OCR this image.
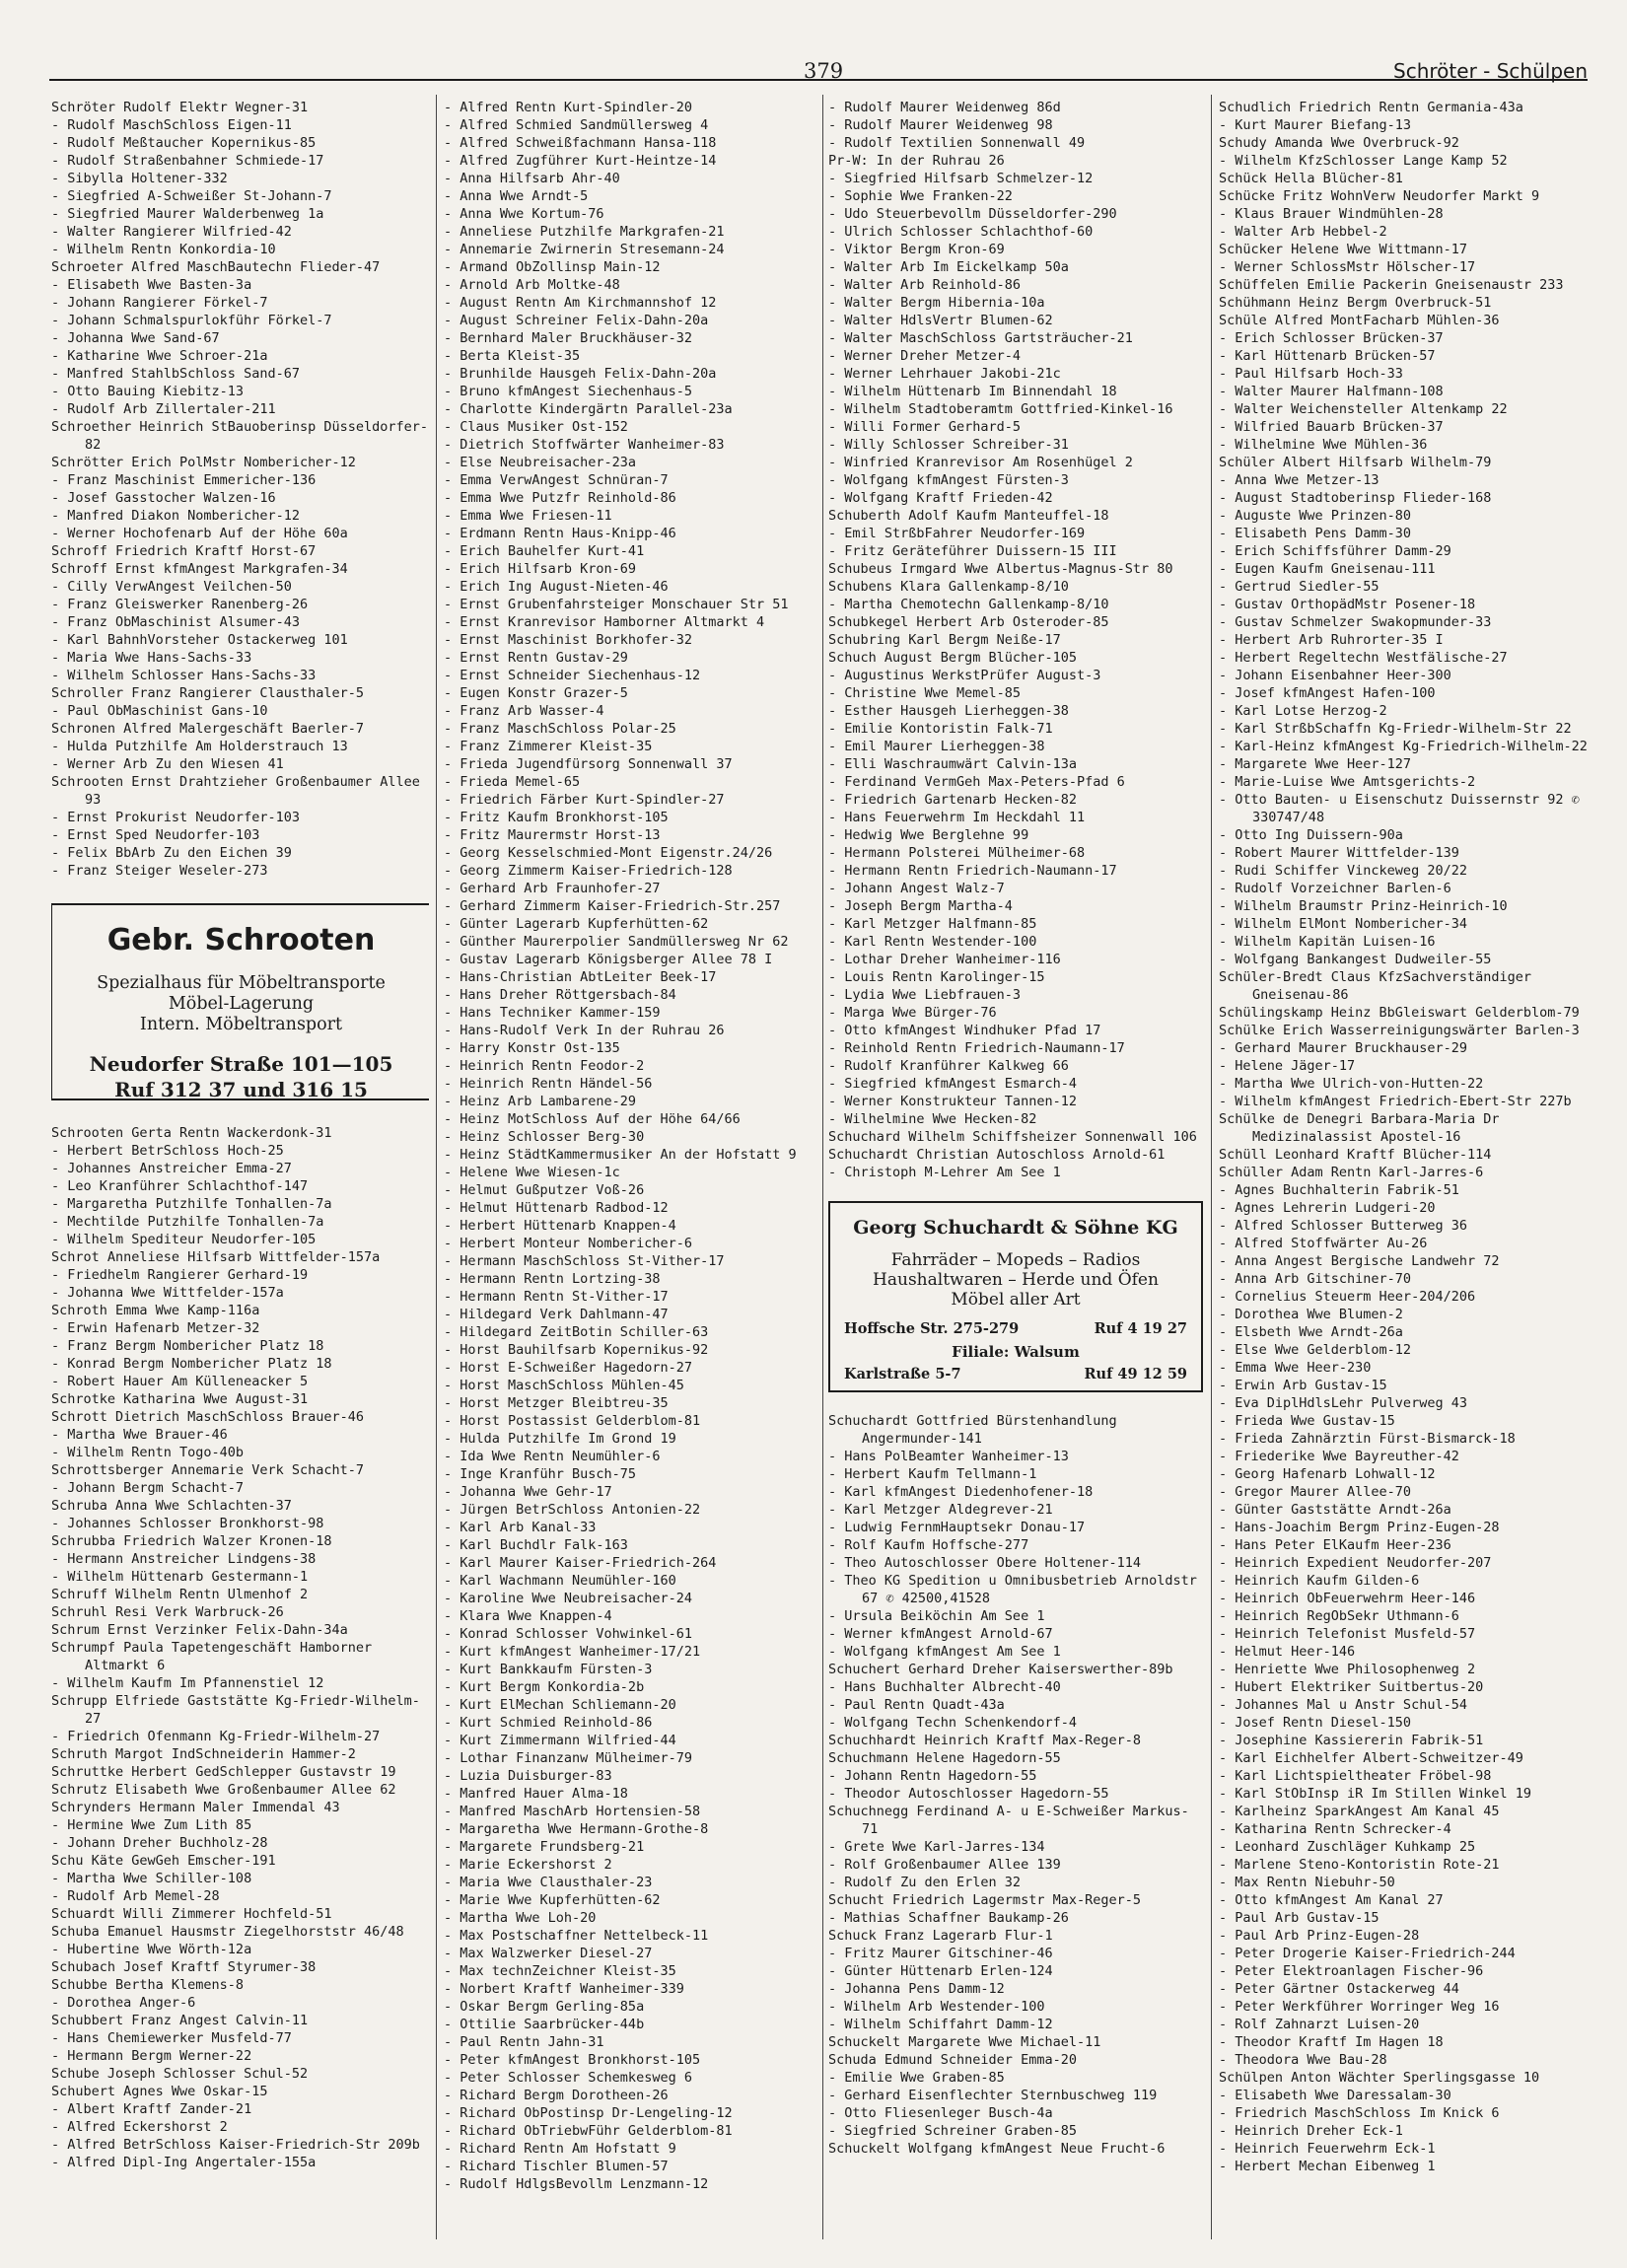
379	Schröter - Schülpen
Schröter Rudolf Elektr Wegner-31
- Rudolf MaschSchloss Eigen-11
- Rudolf Meßtaucher Kopernikus-85
- Rudolf Straßenbahner Schmiede-17
- Sibylla Holtener-332
- Siegfried A-Schweißer St-Johann-7
- Siegfried Maurer Walderbenweg 1a
- Walter Rangierer Wilfried-42
- Wilhelm Rentn Konkordia-10
Schroeter Alfred MaschBautechn Flieder-47
- Elisabeth Wwe Basten-3a
- Johann Rangierer Förkel-7
- Johann Schmalspurlokführ Förkel-7
- Johanna Wwe Sand-67
- Katharine Wwe Schroer-21a
- Manfred StahlbSchloss Sand-67
- Otto Bauing Kiebitz-13
- Rudolf Arb Zillertaler-211
Schroether Heinrich StBauoberinsp Düsseldorfer-82
Schrötter Erich PolMstr Nombericher-12
- Franz Maschinist Emmericher-136
- Josef Gasstocher Walzen-16
- Manfred Diakon Nombericher-12
- Werner Hochofenarb Auf der Höhe 60a
Schroff Friedrich Kraftf Horst-67
Schroff Ernst kfmAngest Markgrafen-34
- Cilly VerwAngest Veilchen-50
- Franz Gleiswerker Ranenberg-26
- Franz ObMaschinist Alsumer-43
- Karl BahnhVorsteher Ostackerweg 101
- Maria Wwe Hans-Sachs-33
- Wilhelm Schlosser Hans-Sachs-33
Schroller Franz Rangierer Clausthaler-5
- Paul ObMaschinist Gans-10
Schronen Alfred Malergeschäft Baerler-7
- Hulda Putzhilfe Am Holderstrauch 13
- Werner Arb Zu den Wiesen 41
Schrooten Ernst Drahtzieher Großenbaumer Allee 93
- Ernst Prokurist Neudorfer-103
- Ernst Sped Neudorfer-103
- Felix BbArb Zu den Eichen 39
- Franz Steiger Weseler-273
Gebr. Schrooten
Spezialhaus für Möbeltransporte
Möbel-Lagerung
Intern. Möbeltransport
Neudorfer Straße 101—105
Ruf 312 37 und 316 15
Schrooten Gerta Rentn Wackerdonk-31
- Herbert BetrSchloss Hoch-25
- Johannes Anstreicher Emma-27
- Leo Kranführer Schlachthof-147
- Margaretha Putzhilfe Tonhallen-7a
- Mechtilde Putzhilfe Tonhallen-7a
- Wilhelm Spediteur Neudorfer-105
Schrot Anneliese Hilfsarb Wittfelder-157a
- Friedhelm Rangierer Gerhard-19
- Johanna Wwe Wittfelder-157a
Schroth Emma Wwe Kamp-116a
- Erwin Hafenarb Metzer-32
- Franz Bergm Nombericher Platz 18
- Konrad Bergm Nombericher Platz 18
- Robert Hauer Am Külleneacker 5
Schrotke Katharina Wwe August-31
Schrott Dietrich MaschSchloss Brauer-46
- Martha Wwe Brauer-46
- Wilhelm Rentn Togo-40b
Schrottsberger Annemarie Verk Schacht-7
- Johann Bergm Schacht-7
Schruba Anna Wwe Schlachten-37
- Johannes Schlosser Bronkhorst-98
Schrubba Friedrich Walzer Kronen-18
- Hermann Anstreicher Lindgens-38
- Wilhelm Hüttenarb Gestermann-1
Schruff Wilhelm Rentn Ulmenhof 2
Schruhl Resi Verk Warbruck-26
Schrum Ernst Verzinker Felix-Dahn-34a
Schrumpf Paula Tapetengeschäft Hamborner Altmarkt 6
- Wilhelm Kaufm Im Pfannenstiel 12
Schrupp Elfriede Gaststätte Kg-Friedr-Wilhelm-27
- Friedrich Ofenmann Kg-Friedr-Wilhelm-27
Schruth Margot IndSchneiderin Hammer-2
Schruttke Herbert GedSchlepper Gustavstr 19
Schrutz Elisabeth Wwe Großenbaumer Allee 62
Schrynders Hermann Maler Immendal 43
- Hermine Wwe Zum Lith 85
- Johann Dreher Buchholz-28
Schu Käte GewGeh Emscher-191
- Martha Wwe Schiller-108
- Rudolf Arb Memel-28
Schuardt Willi Zimmerer Hochfeld-51
Schuba Emanuel Hausmstr Ziegelhorststr 46/48
- Hubertine Wwe Wörth-12a
Schubach Josef Kraftf Styrumer-38
Schubbe Bertha Klemens-8
- Dorothea Anger-6
Schubbert Franz Angest Calvin-11
- Hans Chemiewerker Musfeld-77
- Hermann Bergm Werner-22
Schube Joseph Schlosser Schul-52
Schubert Agnes Wwe Oskar-15
- Albert Kraftf Zander-21
- Alfred Eckershorst 2
- Alfred BetrSchloss Kaiser-Friedrich-Str 209b
- Alfred Dipl-Ing Angertaler-155a
- Alfred Rentn Kurt-Spindler-20
- Alfred Schmied Sandmüllersweg 4
- Alfred Schweißfachmann Hansa-118
- Alfred Zugführer Kurt-Heintze-14
- Anna Hilfsarb Ahr-40
- Anna Wwe Arndt-5
- Anna Wwe Kortum-76
- Anneliese Putzhilfe Markgrafen-21
- Annemarie Zwirnerin Stresemann-24
- Armand ObZollinsp Main-12
- Arnold Arb Moltke-48
- August Rentn Am Kirchmannshof 12
- August Schreiner Felix-Dahn-20a
- Bernhard Maler Bruckhäuser-32
- Berta Kleist-35
- Brunhilde Hausgeh Felix-Dahn-20a
- Bruno kfmAngest Siechenhaus-5
- Charlotte Kindergärtn Parallel-23a
- Claus Musiker Ost-152
- Dietrich Stoffwärter Wanheimer-83
- Else Neubreisacher-23a
- Emma VerwAngest Schnüran-7
- Emma Wwe Putzfr Reinhold-86
- Emma Wwe Friesen-11
- Erdmann Rentn Haus-Knipp-46
- Erich Bauhelfer Kurt-41
- Erich Hilfsarb Kron-69
- Erich Ing August-Nieten-46
- Ernst Grubenfahrsteiger Monschauer Str 51
- Ernst Kranrevisor Hamborner Altmarkt 4
- Ernst Maschinist Borkhofer-32
- Ernst Rentn Gustav-29
- Ernst Schneider Siechenhaus-12
- Eugen Konstr Grazer-5
- Franz Arb Wasser-4
- Franz MaschSchloss Polar-25
- Franz Zimmerer Kleist-35
- Frieda Jugendfürsorg Sonnenwall 37
- Frieda Memel-65
- Friedrich Färber Kurt-Spindler-27
- Fritz Kaufm Bronkhorst-105
- Fritz Maurermstr Horst-13
- Georg Kesselschmied-Mont Eigenstr.24/26
- Georg Zimmerm Kaiser-Friedrich-128
- Gerhard Arb Fraunhofer-27
- Gerhard Zimmerm Kaiser-Friedrich-Str.257
- Günter Lagerarb Kupferhütten-62
- Günther Maurerpolier Sandmüllersweg Nr 62
- Gustav Lagerarb Königsberger Allee 78 I
- Hans-Christian AbtLeiter Beek-17
- Hans Dreher Röttgersbach-84
- Hans Techniker Kammer-159
- Hans-Rudolf Verk In der Ruhrau 26
- Harry Konstr Ost-135
- Heinrich Rentn Feodor-2
- Heinrich Rentn Händel-56
- Heinz Arb Lambarene-29
- Heinz MotSchloss Auf der Höhe 64/66
- Heinz Schlosser Berg-30
- Heinz StädtKammermusiker An der Hofstatt 9
- Helene Wwe Wiesen-1c
- Helmut Gußputzer Voß-26
- Helmut Hüttenarb Radbod-12
- Herbert Hüttenarb Knappen-4
- Herbert Monteur Nombericher-6
- Hermann MaschSchloss St-Vither-17
- Hermann Rentn Lortzing-38
- Hermann Rentn St-Vither-17
- Hildegard Verk Dahlmann-47
- Hildegard ZeitBotin Schiller-63
- Horst Bauhilfsarb Kopernikus-92
- Horst E-Schweißer Hagedorn-27
- Horst MaschSchloss Mühlen-45
- Horst Metzger Bleibtreu-35
- Horst Postassist Gelderblom-81
- Hulda Putzhilfe Im Grond 19
- Ida Wwe Rentn Neumühler-6
- Inge Kranführ Busch-75
- Johanna Wwe Gehr-17
- Jürgen BetrSchloss Antonien-22
- Karl Arb Kanal-33
- Karl Buchdlr Falk-163
- Karl Maurer Kaiser-Friedrich-264
- Karl Wachmann Neumühler-160
- Karoline Wwe Neubreisacher-24
- Klara Wwe Knappen-4
- Konrad Schlosser Vohwinkel-61
- Kurt kfmAngest Wanheimer-17/21
- Kurt Bankkaufm Fürsten-3
- Kurt Bergm Konkordia-2b
- Kurt ElMechan Schliemann-20
- Kurt Schmied Reinhold-86
- Kurt Zimmermann Wilfried-44
- Lothar Finanzanw Mülheimer-79
- Luzia Duisburger-83
- Manfred Hauer Alma-18
- Manfred MaschArb Hortensien-58
- Margaretha Wwe Hermann-Grothe-8
- Margarete Frundsberg-21
- Marie Eckershorst 2
- Maria Wwe Clausthaler-23
- Marie Wwe Kupferhütten-62
- Martha Wwe Loh-20
- Max Postschaffner Nettelbeck-11
- Max Walzwerker Diesel-27
- Max technZeichner Kleist-35
- Norbert Kraftf Wanheimer-339
- Oskar Bergm Gerling-85a
- Ottilie Saarbrücker-44b
- Paul Rentn Jahn-31
- Peter kfmAngest Bronkhorst-105
- Peter Schlosser Schemkesweg 6
- Richard Bergm Dorotheen-26
- Richard ObPostinsp Dr-Lengeling-12
- Richard ObTriebwFühr Gelderblom-81
- Richard Rentn Am Hofstatt 9
- Richard Tischler Blumen-57
- Rudolf HdlgsBevollm Lenzmann-12
- Rudolf Maurer Weidenweg 86d
- Rudolf Maurer Weidenweg 98
- Rudolf Textilien Sonnenwall 49
Pr-W: In der Ruhrau 26
- Siegfried Hilfsarb Schmelzer-12
- Sophie Wwe Franken-22
- Udo Steuerbevollm Düsseldorfer-290
- Ulrich Schlosser Schlachthof-60
- Viktor Bergm Kron-69
- Walter Arb Im Eickelkamp 50a
- Walter Arb Reinhold-86
- Walter Bergm Hibernia-10a
- Walter HdlsVertr Blumen-62
- Walter MaschSchloss Gartsträucher-21
- Werner Dreher Metzer-4
- Werner Lehrhauer Jakobi-21c
- Wilhelm Hüttenarb Im Binnendahl 18
- Wilhelm Stadtoberamtm Gottfried-Kinkel-16
- Willi Former Gerhard-5
- Willy Schlosser Schreiber-31
- Winfried Kranrevisor Am Rosenhügel 2
- Wolfgang kfmAngest Fürsten-3
- Wolfgang Kraftf Frieden-42
Schuberth Adolf Kaufm Manteuffel-18
- Emil StrßbFahrer Neudorfer-169
- Fritz Geräteführer Duissern-15 III
Schubeus Irmgard Wwe Albertus-Magnus-Str 80
Schubens Klara Gallenkamp-8/10
- Martha Chemotechn Gallenkamp-8/10
Schubkegel Herbert Arb Osteroder-85
Schubring Karl Bergm Neiße-17
Schuch August Bergm Blücher-105
- Augustinus WerkstPrüfer August-3
- Christine Wwe Memel-85
- Esther Hausgeh Lierheggen-38
- Emilie Kontoristin Falk-71
- Emil Maurer Lierheggen-38
- Elli Waschraumwärt Calvin-13a
- Ferdinand VermGeh Max-Peters-Pfad 6
- Friedrich Gartenarb Hecken-82
- Hans Feuerwehrm Im Heckdahl 11
- Hedwig Wwe Berglehne 99
- Hermann Polsterei Mülheimer-68
- Hermann Rentn Friedrich-Naumann-17
- Johann Angest Walz-7
- Joseph Bergm Martha-4
- Karl Metzger Halfmann-85
- Karl Rentn Westender-100
- Lothar Dreher Wanheimer-116
- Louis Rentn Karolinger-15
- Lydia Wwe Liebfrauen-3
- Marga Wwe Bürger-76
- Otto kfmAngest Windhuker Pfad 17
- Reinhold Rentn Friedrich-Naumann-17
- Rudolf Kranführer Kalkweg 66
- Siegfried kfmAngest Esmarch-4
- Werner Konstrukteur Tannen-12
- Wilhelmine Wwe Hecken-82
Schuchard Wilhelm Schiffsheizer Sonnenwall 106
Schuchardt Christian Autoschloss Arnold-61
- Christoph M-Lehrer Am See 1
Georg Schuchardt & Söhne KG
Fahrräder – Mopeds – Radios
Haushaltwaren – Herde und Öfen
Möbel aller Art
Hoffsche Str. 275-279	Ruf 4 19 27
Filiale: Walsum
Karlstraße 5-7	Ruf 49 12 59
Schuchardt Gottfried Bürstenhandlung Angermunder-141
- Hans PolBeamter Wanheimer-13
- Herbert Kaufm Tellmann-1
- Karl kfmAngest Diedenhofener-18
- Karl Metzger Aldegrever-21
- Ludwig FernmHauptsekr Donau-17
- Rolf Kaufm Hoffsche-277
- Theo Autoschlosser Obere Holtener-114
- Theo KG Spedition u Omnibusbetrieb Arnoldstr 67 ✆ 42500,41528
- Ursula Beiköchin Am See 1
- Werner kfmAngest Arnold-67
- Wolfgang kfmAngest Am See 1
Schuchert Gerhard Dreher Kaiserswerther-89b
- Hans Buchhalter Albrecht-40
- Paul Rentn Quadt-43a
- Wolfgang Techn Schenkendorf-4
Schuchhardt Heinrich Kraftf Max-Reger-8
Schuchmann Helene Hagedorn-55
- Johann Rentn Hagedorn-55
- Theodor Autoschlosser Hagedorn-55
Schuchnegg Ferdinand A- u E-Schweißer Markus-71
- Grete Wwe Karl-Jarres-134
- Rolf Großenbaumer Allee 139
- Rudolf Zu den Erlen 32
Schucht Friedrich Lagermstr Max-Reger-5
- Mathias Schaffner Baukamp-26
Schuck Franz Lagerarb Flur-1
- Fritz Maurer Gitschiner-46
- Günter Hüttenarb Erlen-124
- Johanna Pens Damm-12
- Wilhelm Arb Westender-100
- Wilhelm Schiffahrt Damm-12
Schuckelt Margarete Wwe Michael-11
Schuda Edmund Schneider Emma-20
- Emilie Wwe Graben-85
- Gerhard Eisenflechter Sternbuschweg 119
- Otto Fliesenleger Busch-4a
- Siegfried Schreiner Graben-85
Schuckelt Wolfgang kfmAngest Neue Frucht-6
Schudlich Friedrich Rentn Germania-43a
- Kurt Maurer Biefang-13
Schudy Amanda Wwe Overbruck-92
- Wilhelm KfzSchlosser Lange Kamp 52
Schück Hella Blücher-81
Schücke Fritz WohnVerw Neudorfer Markt 9
- Klaus Brauer Windmühlen-28
- Walter Arb Hebbel-2
Schücker Helene Wwe Wittmann-17
- Werner SchlossMstr Hölscher-17
Schüffelen Emilie Packerin Gneisenaustr 233
Schühmann Heinz Bergm Overbruck-51
Schüle Alfred MontFacharb Mühlen-36
- Erich Schlosser Brücken-37
- Karl Hüttenarb Brücken-57
- Paul Hilfsarb Hoch-33
- Walter Maurer Halfmann-108
- Walter Weichensteller Altenkamp 22
- Wilfried Bauarb Brücken-37
- Wilhelmine Wwe Mühlen-36
Schüler Albert Hilfsarb Wilhelm-79
- Anna Wwe Metzer-13
- August Stadtoberinsp Flieder-168
- Auguste Wwe Prinzen-80
- Elisabeth Pens Damm-30
- Erich Schiffsführer Damm-29
- Eugen Kaufm Gneisenau-111
- Gertrud Siedler-55
- Gustav OrthopädMstr Posener-18
- Gustav Schmelzer Swakopmunder-33
- Herbert Arb Ruhrorter-35 I
- Herbert Regeltechn Westfälische-27
- Johann Eisenbahner Heer-300
- Josef kfmAngest Hafen-100
- Karl Lotse Herzog-2
- Karl StrßbSchaffn Kg-Friedr-Wilhelm-Str 22
- Karl-Heinz kfmAngest Kg-Friedrich-Wilhelm-22
- Margarete Wwe Heer-127
- Marie-Luise Wwe Amtsgerichts-2
- Otto Bauten- u Eisenschutz Duissernstr 92 ✆ 330747/48
- Otto Ing Duissern-90a
- Robert Maurer Wittfelder-139
- Rudi Schiffer Vinckeweg 20/22
- Rudolf Vorzeichner Barlen-6
- Wilhelm Braumstr Prinz-Heinrich-10
- Wilhelm ElMont Nombericher-34
- Wilhelm Kapitän Luisen-16
- Wolfgang Bankangest Dudweiler-55
Schüler-Bredt Claus KfzSachverständiger Gneisenau-86
Schülingskamp Heinz BbGleiswart Gelderblom-79
Schülke Erich Wasserreinigungswärter Barlen-3
- Gerhard Maurer Bruckhauser-29
- Helene Jäger-17
- Martha Wwe Ulrich-von-Hutten-22
- Wilhelm kfmAngest Friedrich-Ebert-Str 227b
Schülke de Denegri Barbara-Maria Dr Medizinalassist Apostel-16
Schüll Leonhard Kraftf Blücher-114
Schüller Adam Rentn Karl-Jarres-6
- Agnes Buchhalterin Fabrik-51
- Agnes Lehrerin Ludgeri-20
- Alfred Schlosser Butterweg 36
- Alfred Stoffwärter Au-26
- Anna Angest Bergische Landwehr 72
- Anna Arb Gitschiner-70
- Cornelius Steuerm Heer-204/206
- Dorothea Wwe Blumen-2
- Elsbeth Wwe Arndt-26a
- Else Wwe Gelderblom-12
- Emma Wwe Heer-230
- Erwin Arb Gustav-15
- Eva DiplHdlsLehr Pulverweg 43
- Frieda Wwe Gustav-15
- Frieda Zahnärztin Fürst-Bismarck-18
- Friederike Wwe Bayreuther-42
- Georg Hafenarb Lohwall-12
- Gregor Maurer Allee-70
- Günter Gaststätte Arndt-26a
- Hans-Joachim Bergm Prinz-Eugen-28
- Hans Peter ElKaufm Heer-236
- Heinrich Expedient Neudorfer-207
- Heinrich Kaufm Gilden-6
- Heinrich ObFeuerwehrm Heer-146
- Heinrich RegObSekr Uthmann-6
- Heinrich Telefonist Musfeld-57
- Helmut Heer-146
- Henriette Wwe Philosophenweg 2
- Hubert Elektriker Suitbertus-20
- Johannes Mal u Anstr Schul-54
- Josef Rentn Diesel-150
- Josephine Kassiererin Fabrik-51
- Karl Eichhelfer Albert-Schweitzer-49
- Karl Lichtspieltheater Fröbel-98
- Karl StObInsp iR Im Stillen Winkel 19
- Karlheinz SparkAngest Am Kanal 45
- Katharina Rentn Schrecker-4
- Leonhard Zuschläger Kuhkamp 25
- Marlene Steno-Kontoristin Rote-21
- Max Rentn Niebuhr-50
- Otto kfmAngest Am Kanal 27
- Paul Arb Gustav-15
- Paul Arb Prinz-Eugen-28
- Peter Drogerie Kaiser-Friedrich-244
- Peter Elektroanlagen Fischer-96
- Peter Gärtner Ostackerweg 44
- Peter Werkführer Worringer Weg 16
- Rolf Zahnarzt Luisen-20
- Theodor Kraftf Im Hagen 18
- Theodora Wwe Bau-28
Schülpen Anton Wächter Sperlingsgasse 10
- Elisabeth Wwe Daressalam-30
- Friedrich MaschSchloss Im Knick 6
- Heinrich Dreher Eck-1
- Heinrich Feuerwehrm Eck-1
- Herbert Mechan Eibenweg 1
